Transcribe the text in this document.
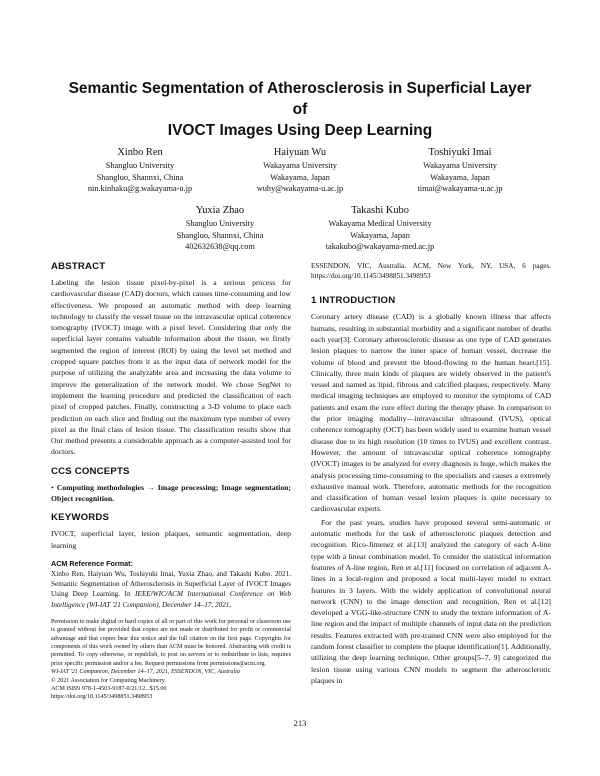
Semantic Segmentation of Atherosclerosis in Superficial Layer
of
IVOCT Images Using Deep Learning
Xinbo Ren
Shangluo University
Shangluo, Shannxi, China
nin.kinhaku@g.wakayama-u.jp
Haiyuan Wu
Wakayama University
Wakayama, Japan
wuhy@wakayama-u.ac.jp
Toshiyuki Imai
Wakayama University
Wakayama, Japan
timai@wakayama-u.ac.jp
Yuxia Zhao
Shangluo University
Shangluo, Shannxi, China
402632638@qq.com
Takashi Kubo
Wakayama Medical University
Wakayama, Japan
takakubo@wakayama-med.ac.jp
ABSTRACT

Labeling the lesion tissue pixel-by-pixel is a serious process for cardiovascular disease (CAD) doctors, which causes time-consuming and low effectiveness. We proposed an automatic method with deep learning technology to classify the vessel tissue on the intravascular optical coherence tomography (IVOCT) image with a pixel level. Considering that only the superficial layer contains valuable information about the tissue, we firstly segmented the region of interest (ROI) by using the level set method and cropped square patches from it as the input data of network model for the purpose of utilizing the analyzable area and increasing the data volume to improve the generalization of the network model. We chose SegNet to implement the learning procedure and predicted the classification of each pixel of cropped patches. Finally, constructing a 3-D volume to place each prediction on each slice and finding out the maximum type number of every pixel as the final class of lesion tissue. The classification results show that Our method presents a considerable approach as a computer-assisted tool for doctors.

CCS CONCEPTS

• Computing methodologies → Image processing; Image segmentation; Object recognition.

KEYWORDS

IVOCT, superficial layer, lesion plaques, semantic segmentation, deep learning

ACM Reference Format:

Xinbo Ren, Haiyuan Wu, Toshiyuki Imai, Yuxia Zhao, and Takashi Kubo. 2021. Semantic Segmentation of Atherosclerosis in Superficial Layer of IVOCT Images Using Deep Learning. In IEEE/WIC/ACM International Conference on Web Intelligence (WI-IAT '21 Companion), December 14–17, 2021,

Permission to make digital or hard copies of all or part of this work for personal or classroom use is granted without fee provided that copies are not made or distributed for profit or commercial advantage and that copies bear this notice and the full citation on the first page. Copyrights for components of this work owned by others than ACM must be honored. Abstracting with credit is permitted. To copy otherwise, or republish, to post on servers or to redistribute to lists, requires prior specific permission and/or a fee. Request permissions from permissions@acm.org.

WI-IAT '21 Companion, December 14–17, 2021, ESSENDON, VIC, Australia
© 2021 Association for Computing Machinery.
ACM ISBN 978-1-4503-9187-0/21/12...$15.00
https://doi.org/10.1145/3498851.3498953

ESSENDON, VIC, Australia. ACM, New York, NY, USA, 6 pages. https://doi.org/10.1145/3498851.3498953

1 INTRODUCTION

Coronary artery disease (CAD) is a globally known illness that affects humans, resulting in substantial morbidity and a significant number of deaths each year[3]. Coronary atherosclerotic disease as one type of CAD generates lesion plaques to narrow the inner space of human vessel, decrease the volume of blood and prevent the blood-flowing to the human heart.[15]. Clinically, three main kinds of plaques are widely observed in the patient's vessel and named as lipid, fibrous and calcified plaques, respectively. Many medical imaging techniques are employed to monitor the symptoms of CAD patients and exam the cure effect during the therapy phase. In comparison to the prior imaging modality—intravascular ultrasound (IVUS), optical coherence tomography (OCT) has been widely used to examine human vessel disease due to its high resolution (10 times to IVUS) and excellent contrast. However, the amount of intravascular optical coherence tomography (IVOCT) images to be analyzed for every diagnosis is huge, which makes the analysis processing time-consuming to the specialists and causes a extremely exhaustive manual work. Therefore, automatic methods for the recognition and classification of human vessel lesion plaques is quite necessary to cardiovascular experts.

For the past years, studies have proposed several semi-automatic or automatic methods for the task of atherosclerotic plaques detection and recognition. Rico-Jimenez et al.[13] analyzed the category of each A-line type with a linear combination model. To consider the statistical information features of A-line region, Ren et al.[11] focused on correlation of adjacent A-lines in a local-region and proposed a local multi-layer model to extract features in 3 layers. With the widely application of convolutional neural network (CNN) to the image detection and recognition, Ren et al.[12] developed a VGG-like-structure CNN to study the texture information of A-line region and the impact of multiple channels of input data on the prediction results. Features extracted with pre-trained CNN were also employed for the random forest classifier to complete the plaque identification[1]. Additionally, utilizing the deep learning technique, Other groups[5–7, 9] categorized the lesion tissue using various CNN models to segment the atherosclerotic plaques in

213
